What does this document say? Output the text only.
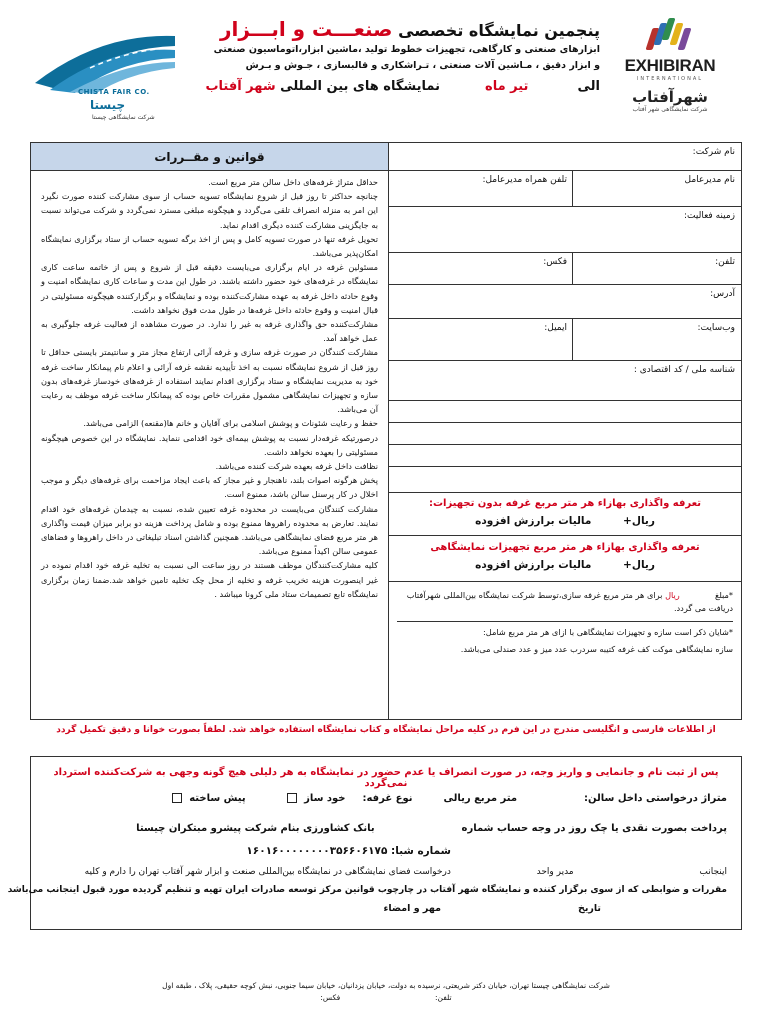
EXHIBIRAN
INTERNATIONAL
شهرآفتاب
شرکت نمایشگاهی شهر آفتاب
CHISTA FAIR CO.
چیستا
شرکت نمایشگاهی چیستا
پنجمین نمایشگاه تخصصی صنعـــت و ابـــزار
ابزارهای صنعتی و کارگاهی، تجهیزات خطوط تولید ،ماشین ابزار،اتوماسیون صنعتی
و ابزار دقیق ، مـاشین آلات صنعتی ، تـراشکاری و قالبسازی ، جـوش و بـرش
الی  تیر ماه  نمایشگاه های بین المللی شهر آفتاب
قوانین و مقــررات

حداقل متراژ غرفه‌های داخل سالن متر مربع است.

چنانچه حداکثر تا روز قبل از شروع نمایشگاه تسویه حساب از سوی مشارکت کننده صورت نگیرد این امر به منزله انصراف تلقی می‌گردد و هیچگونه مبلغی مسترد نمی‌گردد و شرکت می‌تواند نسبت به جایگزینی مشارکت کننده دیگری اقدام نماید.

تحویل غرفه تنها در صورت تسویه کامل و پس از اخذ برگه تسویه حساب از ستاد برگزاری نمایشگاه امکان‌پذیر می‌باشد.

مسئولین غرفه در ایام برگزاری می‌بایست دقیقه قبل از شروع و پس از خاتمه ساعت کاری نمایشگاه در غرفه‌های خود حضور داشته باشند. در طول این مدت و ساعات کاری نمایشگاه امنیت و وقوع حادثه داخل غرفه به عهده مشارکت‌کننده بوده و نمایشگاه و برگزارکننده هیچگونه مسئولیتی در قبال امنیت و وقوع حادثه داخل غرفه‌ها در طول مدت فوق نخواهد داشت.

مشارکت‌کننده حق واگذاری غرفه به غیر را ندارد. در صورت مشاهده از فعالیت غرفه جلوگیری به عمل خواهد آمد.

مشارکت کنندگان در صورت غرفه سازی و غرفه آرائی ارتفاع مجاز متر و سانتیمتر بایستی حداقل تا روز قبل از شروع نمایشگاه نسبت به اخذ تأییدیه نقشه غرفه آرائی و اعلام نام پیمانکار ساخت غرفه خود به مدیریت نمایشگاه و ستاد برگزاری اقدام نمایند استفاده از غرفه‌های خودساز غرفه‌های بدون سازه و تجهیزات نمایشگاهی مشمول مقررات خاص بوده که پیمانکار ساخت غرفه موظف به رعایت آن می‌باشد.

حفظ و رعایت شئونات و پوشش اسلامی برای آقایان و خانم ها(مقنعه) الزامی می‌باشد.

درصورتیکه غرفه‌دار نسبت به پوشش بیمه‌ای خود اقدامی ننماید. نمایشگاه در این خصوص هیچگونه مسئولیتی را بعهده نخواهد داشت.

نظافت داخل غرفه بعهده شرکت کننده می‌باشد.

پخش هرگونه اصوات بلند، ناهنجار و غیر مجاز که باعث ایجاد مزاحمت برای غرفه‌های دیگر و موجب اخلال در کار پرسنل سالن باشد، ممنوع است.

مشارکت کنندگان می‌بایست در محدوده غرفه تعیین شده، نسبت به چیدمان غرفه‌های خود اقدام نمایند. تعارض به محدوده راهروها ممنوع بوده و شامل پرداخت هزینه دو برابر میزان قیمت واگذاری هر متر مربع فضای نمایشگاهی می‌باشد. همچنین گذاشتن اسناد تبلیغاتی در داخل راهروها و فضاهای عمومی سالن اکیداً ممنوع می‌باشد.

کلیه مشارکت‌کنندگان موظف هستند در روز ساعت الی نسبت به تخلیه غرفه خود اقدام نموده در غیر اینصورت هزینه تخریب غرفه و تخلیه از محل چک تخلیه تامین خواهد شد.ضمنا زمان برگزاری نمایشگاه تابع تصمیمات ستاد ملی کرونا میباشد .

نام شرکت:
نام مدیرعامل
تلفن همراه مدیرعامل:
زمینه فعالیت:
تلفن:
فکس:
آدرس:
وب‌سایت:
ایمیل:
شناسه ملی / کد اقتصادی :
تعرفه واگذاری بهازاء هر متر مربع غرفه بدون تجهیزات:
ریال+ مالیات برارزش افزوده
تعرفه واگذاری بهازاء هر متر مربع تجهیزات نمایشگاهی
ریال+ مالیات برارزش افزوده
*مبلغ  ریال برای هر متر مربع غرفه سازی،توسط شرکت نمایشگاه بین‌المللی شهرآفتاب دریافت می گردد.
*شایان ذکر است سازه و تجهیزات نمایشگاهی با ازای هر متر مربع شامل:
سازه نمایشگاهی موکت کف غرفه کتیبه سردرب عدد میز و عدد صندلی می‌باشد.
از اطلاعات فارسی و انگلیسی مندرج در این فرم در کلیه مراحل نمایشگاه و کتاب نمایشگاه استفاده خواهد شد. لطفاً بصورت خوانا و دقیق تکمیل گردد
پس از ثبت نام و جانمایی و واریز وجه، در صورت انصراف یا عدم حضور در نمایشگاه به هر دلیلی هیچ گونه وجهی به شرکت‌کننده استرداد نمی‌گردد
متراژ درخواستی داخل سالن:  متر مربع ریالی  نوع غرفه:  خود ساز   پیش ساخته
پرداخت بصورت نقدی یا چک روز در وجه حساب شماره  بانک کشاورزی بنام شرکت پیشرو مبتکران چیستا
شماره شبا: ۱۶۰۱۶۰۰۰۰۰۰۰۰۳۵۶۶۰۶۱۷۵
اینجانب  مدیر واحد  درخواست فضای نمایشگاهی در نمایشگاه بین‌المللی صنعت و ابزار شهر آفتاب تهران را دارم و کلیه
مقررات و ضوابطی که از سوی برگزار کننده و نمایشگاه شهر آفتاب در چارچوب قوانین مرکز توسعه صادرات ایران تهیه و تنظیم گردیده مورد قبول اینجانب می‌باشد
تاریخ
مهر و امضاء
شرکت نمایشگاهی چیستا تهران، خیابان دکتر شریعتی، نرسیده به دولت، خیابان یزدانیان، خیابان سیما جنوبی، نبش کوچه حقیقی، پلاک ، طبقه اول
تلفن:  فکس:
